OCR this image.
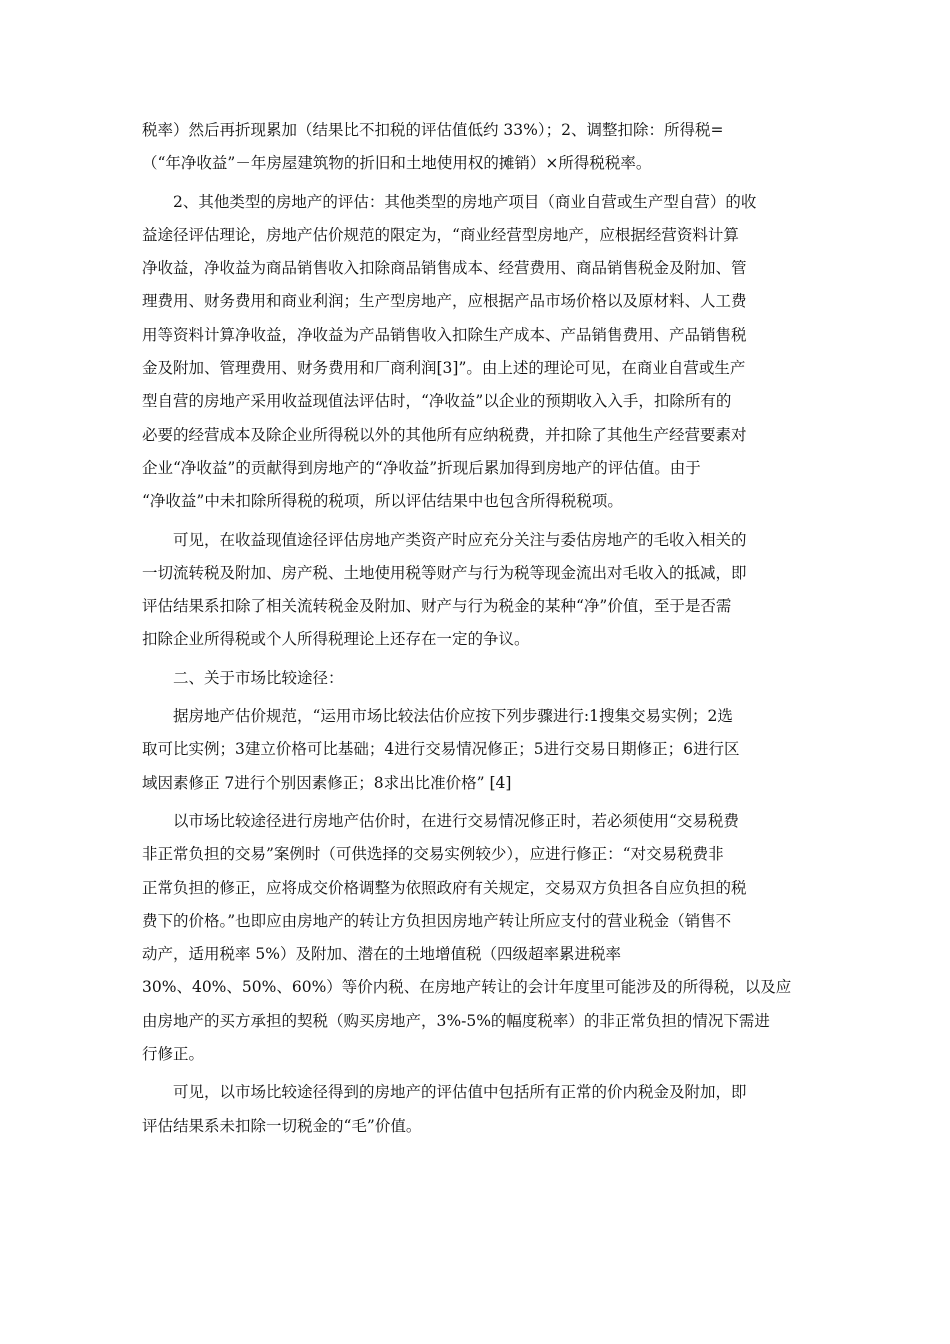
税率）然后再折现累加（结果比不扣税的评估值低约 33%）；2、调整扣除：所得税=
（“年净收益”－年房屋建筑物的折旧和土地使用权的摊销）×所得税税率。
2、其他类型的房地产的评估：其他类型的房地产项目（商业自营或生产型自营）的收
益途径评估理论，房地产估价规范的限定为，“商业经营型房地产，应根据经营资料计算
净收益，净收益为商品销售收入扣除商品销售成本、经营费用、商品销售税金及附加、管
理费用、财务费用和商业利润；生产型房地产，应根据产品市场价格以及原材料、人工费
用等资料计算净收益，净收益为产品销售收入扣除生产成本、产品销售费用、产品销售税
金及附加、管理费用、财务费用和厂商利润[3]”。由上述的理论可见，在商业自营或生产
型自营的房地产采用收益现值法评估时，“净收益”以企业的预期收入入手，扣除所有的
必要的经营成本及除企业所得税以外的其他所有应纳税费，并扣除了其他生产经营要素对
企业“净收益”的贡献得到房地产的“净收益”折现后累加得到房地产的评估值。由于
“净收益”中未扣除所得税的税项，所以评估结果中也包含所得税税项。
可见，在收益现值途径评估房地产类资产时应充分关注与委估房地产的毛收入相关的
一切流转税及附加、房产税、土地使用税等财产与行为税等现金流出对毛收入的抵减，即
评估结果系扣除了相关流转税金及附加、财产与行为税金的某种“净”价值，至于是否需
扣除企业所得税或个人所得税理论上还存在一定的争议。
二、关于市场比较途径：
据房地产估价规范，“运用市场比较法估价应按下列步骤进行:1搜集交易实例；2选
取可比实例；3建立价格可比基础；4进行交易情况修正；5进行交易日期修正；6进行区
域因素修正 7进行个别因素修正；8求出比准价格” [4]
以市场比较途径进行房地产估价时，在进行交易情况修正时，若必须使用“交易税费
非正常负担的交易”案例时（可供选择的交易实例较少），应进行修正：“对交易税费非
正常负担的修正，应将成交价格调整为依照政府有关规定，交易双方负担各自应负担的税
费下的价格。”也即应由房地产的转让方负担因房地产转让所应支付的营业税金（销售不
动产，适用税率 5%）及附加、潜在的土地增值税（四级超率累进税率
30%、40%、50%、60%）等价内税、在房地产转让的会计年度里可能涉及的所得税，以及应
由房地产的买方承担的契税（购买房地产，3%-5%的幅度税率）的非正常负担的情况下需进
行修正。
可见，以市场比较途径得到的房地产的评估值中包括所有正常的价内税金及附加，即
评估结果系未扣除一切税金的“毛”价值。
